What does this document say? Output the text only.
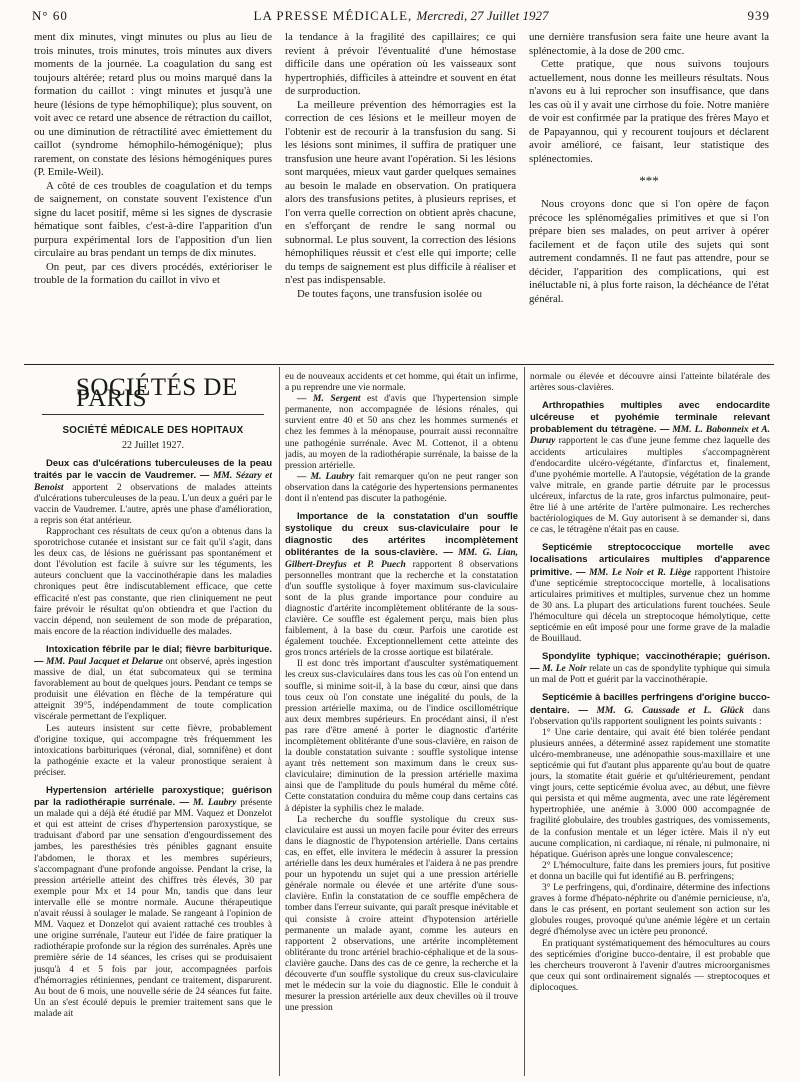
N° 60	LA PRESSE MÉDICALE, Mercredi, 27 Juillet 1927	939

ment dix minutes, vingt minutes ou plus au lieu de trois minutes, trois minutes, trois minutes aux divers moments de la journée. La coagulation du sang est toujours altérée; retard plus ou moins marqué dans la formation du caillot : vingt minutes et jusqu'à une heure (lésions de type hémophilique); plus souvent, on voit avec ce retard une absence de rétraction du caillot, ou une diminution de rétractilité avec émiettement du caillot (syndrome hémophilo-hémogénique); plus rarement, on constate des lésions hémogéniques pures (P. Emile-Weil).

A côté de ces troubles de coagulation et du temps de saignement, on constate souvent l'existence d'un signe du lacet positif, même si les signes de dyscrasie hématique sont faibles, c'est-à-dire l'apparition d'un purpura expérimental lors de l'apposition d'un lien circulaire au bras pendant un temps de dix minutes.

On peut, par ces divers procédés, extérioriser le trouble de la formation du caillot in vivo et

la tendance à la fragilité des capillaires; ce qui revient à prévoir l'éventualité d'une hémostase difficile dans une opération où les vaisseaux sont hypertrophiés, difficiles à atteindre et souvent en état de surproduction.

La meilleure prévention des hémorragies est la correction de ces lésions et le meilleur moyen de l'obtenir est de recourir à la transfusion du sang. Si les lésions sont minimes, il suffira de pratiquer une transfusion une heure avant l'opération. Si les lésions sont marquées, mieux vaut garder quelques semaines au besoin le malade en observation. On pratiquera alors des transfusions petites, à plusieurs reprises, et l'on verra quelle correction on obtient après chacune, en s'efforçant de rendre le sang normal ou subnormal. Le plus souvent, la correction des lésions hémophiliques réussit et c'est elle qui importe; celle du temps de saignement est plus difficile à réaliser et n'est pas indispensable.

De toutes façons, une transfusion isolée ou

une dernière transfusion sera faite une heure avant la splénectomie, à la dose de 200 cmc.

Cette pratique, que nous suivons toujours actuellement, nous donne les meilleurs résultats. Nous n'avons eu à lui reprocher son insuffisance, que dans les cas où il y avait une cirrhose du foie. Notre manière de voir est confirmée par la pratique des frères Mayo et de Papayannou, qui y recourent toujours et déclarent avoir amélioré, ce faisant, leur statistique des splénectomies.

***

Nous croyons donc que si l'on opère de façon précoce les splénomégalies primitives et que si l'on prépare bien ses malades, on peut arriver à opérer facilement et de façon utile des sujets qui sont autrement condamnés. Il ne faut pas attendre, pour se décider, l'apparition des complications, qui est inéluctable ni, à plus forte raison, la déchéance de l'état général.

SOCIÉTÉS DE PARIS
SOCIÉTÉ MÉDICALE DES HOPITAUX
22 Juillet 1927.

Deux cas d'ulcérations tuberculeuses de la peau traités par le vaccin de Vaudremer. — MM. Sézary et Benoist apportent 2 observations de malades atteints d'ulcérations tuberculeuses de la peau. L'un deux a guéri par le vaccin de Vaudremer. L'autre, après une phase d'amélioration, a repris son état antérieur.

Rapprochant ces résultats de ceux qu'on a obtenus dans la sporotrichose cutanée et insistant sur ce fait qu'il s'agit, dans les deux cas, de lésions ne guérissant pas spontanément et dont l'évolution est facile à suivre sur les téguments, les auteurs concluent que la vaccinothérapie dans les maladies chroniques peut être indiscutablement efficace, que cette efficacité n'est pas constante, que rien cliniquement ne peut faire prévoir le résultat qu'on obtiendra et que l'action du vaccin dépend, non seulement de son mode de préparation, mais encore de la réaction individuelle des malades.

Intoxication fébrile par le dial; fièvre barbiturique. — MM. Paul Jacquet et Delarue ont observé, après ingestion massive de dial, un état subcomateux qui se termina favorablement au bout de quelques jours. Pendant ce temps se produisit une élévation en flèche de la température qui atteignit 39°5, indépendamment de toute complication viscérale permettant de l'expliquer.

Les auteurs insistent sur cette fièvre, probablement d'origine toxique, qui accompagne très fréquemment les intoxications barbituriques (véronal, dial, somnifène) et dont la pathogénie exacte et la valeur pronostique seraient à préciser.

Hypertension artérielle paroxystique; guérison par la radiothérapie surrénale. — M. Laubry présente un malade qui a déjà été étudié par MM. Vaquez et Donzelot et qui est atteint de crises d'hypertension paroxystique, se traduisant d'abord par une sensation d'engourdissement des jambes, les paresthésies très pénibles gagnant ensuite l'abdomen, le thorax et les membres supérieurs, s'accompagnant d'une profonde angoisse. Pendant la crise, la pression artérielle atteint des chiffres très élevés, 30 par exemple pour Mx et 14 pour Mn, tandis que dans leur intervalle elle se montre normale. Aucune thérapeutique n'avait réussi à soulager le malade. Se rangeant à l'opinion de MM. Vaquez et Donzelot qui avaient rattaché ces troubles à une origine surrénale, l'auteur eut l'idée de faire pratiquer la radiothérapie profonde sur la région des surrénales. Après une première série de 14 séances, les crises qui se produisaient jusqu'à 4 et 5 fois par jour, accompagnées parfois d'hémorragies rétiniennes, pendant ce traitement, disparurent. Au bout de 6 mois, une nouvelle série de 24 séances fut faite. Un an s'est écoulé depuis le premier traitement sans que le malade ait

eu de nouveaux accidents et cet homme, qui était un infirme, a pu reprendre une vie normale.

— M. Sergent est d'avis que l'hypertension simple permanente, non accompagnée de lésions rénales, qui survient entre 40 et 50 ans chez les hommes surmenés et chez les femmes à la ménopause, pourrait aussi reconnaître une pathogénie surrénale. Avec M. Cottenot, il a obtenu jadis, au moyen de la radiothérapie surrénale, la baisse de la pression artérielle.

— M. Laubry fait remarquer qu'on ne peut ranger son observation dans la catégorie des hypertensions permanentes dont il n'entend pas discuter la pathogénie.

Importance de la constatation d'un souffle systolique du creux sus-claviculaire pour le diagnostic des artérites incomplètement oblitérantes de la sous-clavière. — MM. G. Lian, Gilbert-Dreyfus et P. Puech rapportent 8 observations personnelles montrant que la recherche et la constatation d'un souffle systolique à foyer maximum sus-claviculaire sont de la plus grande importance pour conduire au diagnostic d'artérite incomplètement oblitérante de la sous-clavière. Ce souffle est également perçu, mais bien plus faiblement, à la base du cœur. Parfois une carotide est également touchée. Exceptionnellement cette atteinte des gros troncs artériels de la crosse aortique est bilatérale.

Il est donc très important d'ausculter systématiquement les creux sus-claviculaires dans tous les cas où l'on entend un souffle, si minime soit-il, à la base du cœur, ainsi que dans tous ceux où l'on constate une inégalité du pouls, de la pression artérielle maxima, ou de l'indice oscillométrique aux deux membres supérieurs. En procédant ainsi, il n'est pas rare d'être amené à porter le diagnostic d'artérite incomplètement oblitérante d'une sous-clavière, en raison de la double constatation suivante : souffle systolique intense ayant très nettement son maximum dans le creux sus-claviculaire; diminution de la pression artérielle maxima ainsi que de l'amplitude du pouls huméral du même côté. Cette constatation conduira du même coup dans certains cas à dépister la syphilis chez le malade.

La recherche du souffle systolique du creux sus-claviculaire est aussi un moyen facile pour éviter des erreurs dans le diagnostic de l'hypotension artérielle. Dans certains cas, en effet, elle invitera le médecin à assurer la pression artérielle dans les deux humérales et l'aidera à ne pas prendre pour un hypotendu un sujet qui a une pression artérielle générale normale ou élevée et une artérite d'une sous-clavière. Enfin la constatation de ce souffle empêchera de tomber dans l'erreur suivante, qui paraît presque inévitable et qui consiste à croire atteint d'hypotension artérielle permanente un malade ayant, comme les auteurs en rapportent 2 observations, une artérite incomplètement oblitérante du tronc artériel brachio-céphalique et de la sous-clavière gauche. Dans des cas de ce genre, la recherche et la découverte d'un souffle systolique du creux sus-claviculaire met le médecin sur la voie du diagnostic. Elle le conduit à mesurer la pression artérielle aux deux chevilles où il trouve une pression

normale ou élevée et découvre ainsi l'atteinte bilatérale des artères sous-clavières.

Arthropathies multiples avec endocardite ulcéreuse et pyohémie terminale relevant probablement du tétragène. — MM. L. Babonneix et A. Duruy rapportent le cas d'une jeune femme chez laquelle des accidents articulaires multiples s'accompagnèrent d'endocardite ulcéro-végétante, d'infarctus et, finalement, d'une pyohémie mortelle. A l'autopsie, végétation de la grande valve mitrale, en grande partie détruite par le processus ulcéreux, infarctus de la rate, gros infarctus pulmonaire, peut-être lié à une artérite de l'artère pulmonaire. Les recherches bactériologiques de M. Guy autorisent à se demander si, dans ce cas, le tétragène n'était pas en cause.

Septicémie streptococcique mortelle avec localisations articulaires multiples d'apparence primitive. — MM. Le Noir et R. Liège rapportent l'histoire d'une septicémie streptococcique mortelle, à localisations articulaires primitives et multiples, survenue chez un homme de 30 ans. La plupart des articulations furent touchées. Seule l'hémoculture qui décela un streptocoque hémolytique, cette septicémie en eût imposé pour une forme grave de la maladie de Bouillaud.

Spondylite typhique; vaccinothérapie; guérison. — M. Le Noir relate un cas de spondylite typhique qui simula un mal de Pott et guérit par la vaccinothérapie.

Septicémie à bacilles perfringens d'origine bucco-dentaire. — MM. G. Caussade et L. Glück dans l'observation qu'ils rapportent soulignent les points suivants :

1° Une carie dentaire, qui avait été bien tolérée pendant plusieurs années, a déterminé assez rapidement une stomatite ulcéro-membraneuse, une adénopathie sous-maxillaire et une septicémie qui fut d'autant plus apparente qu'au bout de quatre jours, la stomatite était guérie et qu'ultérieurement, pendant vingt jours, cette septicémie évolua avec, au début, une fièvre qui persista et qui même augmenta, avec une rate légèrement hypertrophiée, une anémie à 3.000 000 accompagnée de fragilité globulaire, des troubles gastriques, des vomissements, de la confusion mentale et un léger ictère. Mais il n'y eut aucune complication, ni cardiaque, ni rénale, ni pulmonaire, ni hépatique. Guérison après une longue convalescence;

2° L'hémoculture, faite dans les premiers jours, fut positive et donna un bacille qui fut identifié au B. perfringens;

3° Le perfringens, qui, d'ordinaire, détermine des infections graves à forme d'hépato-néphrite ou d'anémie pernicieuse, n'a, dans le cas présent, en portant seulement son action sur les globules rouges, provoqué qu'une anémie légère et un certain degré d'hémolyse avec un ictère peu prononcé.

En pratiquant systématiquement des hémocultures au cours des septicémies d'origine bucco-dentaire, il est probable que les chercheurs trouveront à l'avenir d'autres microorganismes que ceux qui sont ordinairement signalés — streptocoques et diplocoques.
